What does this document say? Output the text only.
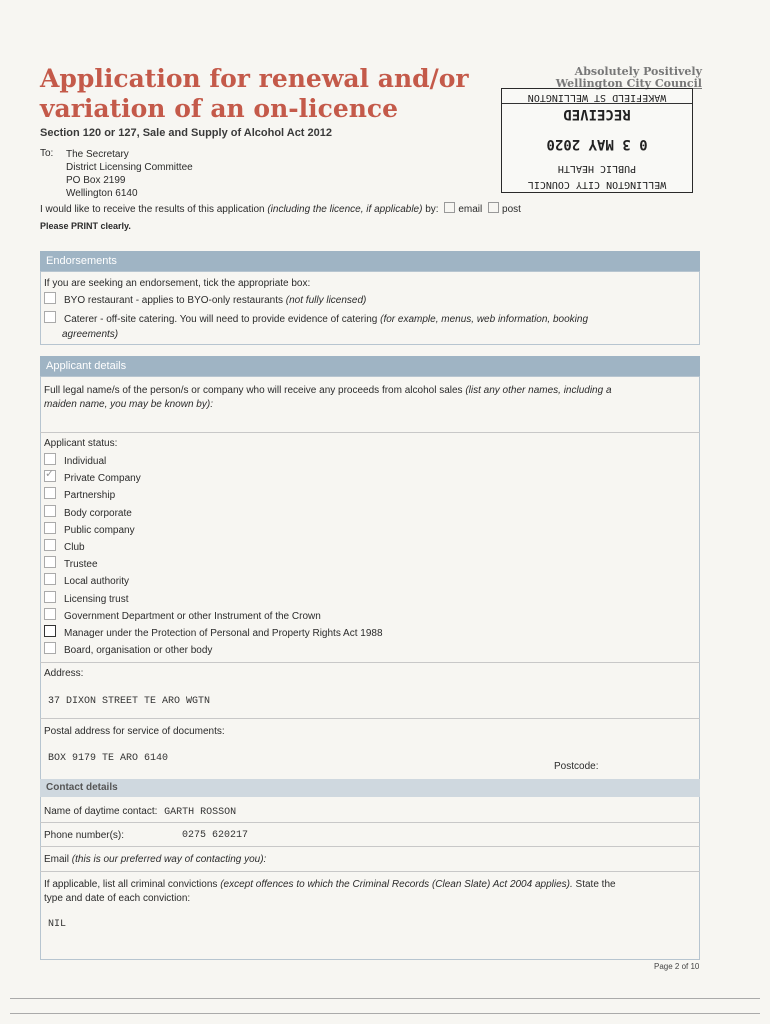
Application for renewal and/or
variation of an on-licence
Section 120 or 127, Sale and Supply of Alcohol Act 2012
To: The Secretary
District Licensing Committee
PO Box 2199
Wellington 6140
Absolutely Positively
Wellington City Council
WELLINGTON CITY COUNCIL
PUBLIC HEALTH
0 3 MAY 2020
RECEIVED
WAKEFIELD ST WELLINGTON
I would like to receive the results of this application (including the licence, if applicable) by: email post
Please PRINT clearly.
Endorsements
If you are seeking an endorsement, tick the appropriate box:
BYO restaurant - applies to BYO-only restaurants (not fully licensed)
Caterer - off-site catering. You will need to provide evidence of catering (for example, menus, web information, booking
agreements)
Applicant details
Full legal name/s of the person/s or company who will receive any proceeds from alcohol sales (list any other names, including a
maiden name, you may be known by):
Applicant status:
Individual
✓Private Company
Partnership
Body corporate
Public company
Club
Trustee
Local authority
Licensing trust
Government Department or other Instrument of the Crown
Manager under the Protection of Personal and Property Rights Act 1988
Board, organisation or other body
Address:
37 DIXON STREET TE ARO WGTN
Postal address for service of documents:
BOX 9179 TE ARO 6140
Postcode:
Contact details
Name of daytime contact: GARTH ROSSON
Phone number(s):	0275 620217
Email (this is our preferred way of contacting you):
If applicable, list all criminal convictions (except offences to which the Criminal Records (Clean Slate) Act 2004 applies). State the
type and date of each conviction:
NIL
Page 2 of 10
